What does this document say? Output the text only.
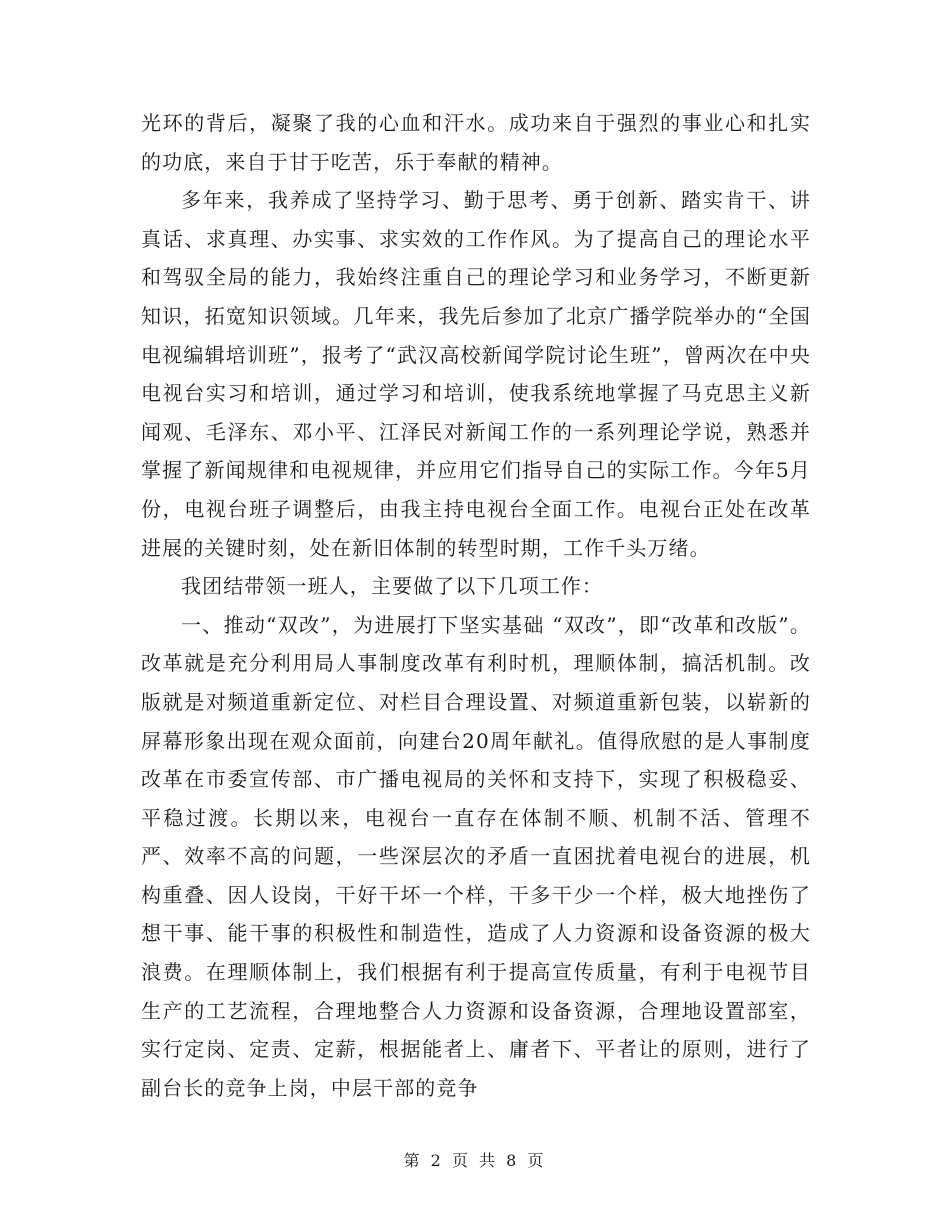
光环的背后，凝聚了我的心血和汗水。成功来自于强烈的事业心和扎实的功底，来自于甘于吃苦，乐于奉献的精神。

多年来，我养成了坚持学习、勤于思考、勇于创新、踏实肯干、讲真话、求真理、办实事、求实效的工作作风。为了提高自己的理论水平和驾驭全局的能力，我始终注重自己的理论学习和业务学习，不断更新知识，拓宽知识领域。几年来，我先后参加了北京广播学院举办的“全国电视编辑培训班”，报考了“武汉高校新闻学院讨论生班”，曾两次在中央电视台实习和培训，通过学习和培训，使我系统地掌握了马克思主义新闻观、毛泽东、邓小平、江泽民对新闻工作的一系列理论学说，熟悉并掌握了新闻规律和电视规律，并应用它们指导自己的实际工作。今年5月份，电视台班子调整后，由我主持电视台全面工作。电视台正处在改革进展的关键时刻，处在新旧体制的转型时期，工作千头万绪。

我团结带领一班人，主要做了以下几项工作：

一、推动“双改”，为进展打下坚实基础 “双改”，即“改革和改版”。改革就是充分利用局人事制度改革有利时机，理顺体制，搞活机制。改版就是对频道重新定位、对栏目合理设置、对频道重新包装，以崭新的屏幕形象出现在观众面前，向建台20周年献礼。值得欣慰的是人事制度改革在市委宣传部、市广播电视局的关怀和支持下，实现了积极稳妥、平稳过渡。长期以来，电视台一直存在体制不顺、机制不活、管理不严、效率不高的问题，一些深层次的矛盾一直困扰着电视台的进展，机构重叠、因人设岗，干好干坏一个样，干多干少一个样，极大地挫伤了想干事、能干事的积极性和制造性，造成了人力资源和设备资源的极大浪费。在理顺体制上，我们根据有利于提高宣传质量，有利于电视节目生产的工艺流程，合理地整合人力资源和设备资源，合理地设置部室，实行定岗、定责、定薪，根据能者上、庸者下、平者让的原则，进行了副台长的竞争上岗，中层干部的竞争

第 2 页 共 8 页
